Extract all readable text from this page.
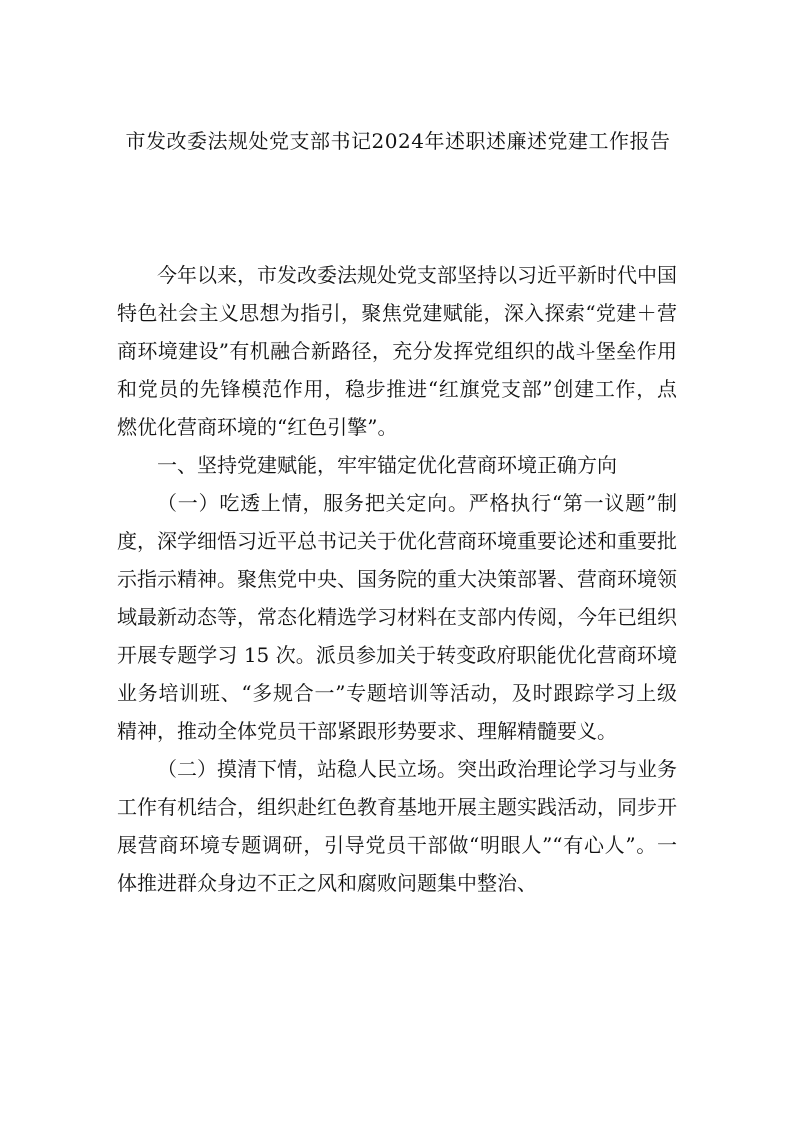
市发改委法规处党支部书记2024年述职述廉述党建工作报告

今年以来，市发改委法规处党支部坚持以习近平新时代中国特色社会主义思想为指引，聚焦党建赋能，深入探索“党建＋营商环境建设”有机融合新路径，充分发挥党组织的战斗堡垒作用和党员的先锋模范作用，稳步推进“红旗党支部”创建工作，点燃优化营商环境的“红色引擎”。

一、坚持党建赋能，牢牢锚定优化营商环境正确方向

（一）吃透上情，服务把关定向。严格执行“第一议题”制度，深学细悟习近平总书记关于优化营商环境重要论述和重要批示指示精神。聚焦党中央、国务院的重大决策部署、营商环境领域最新动态等，常态化精选学习材料在支部内传阅，今年已组织开展专题学习 15 次。派员参加关于转变政府职能优化营商环境业务培训班、“多规合一”专题培训等活动，及时跟踪学习上级精神，推动全体党员干部紧跟形势要求、理解精髓要义。

（二）摸清下情，站稳人民立场。突出政治理论学习与业务工作有机结合，组织赴红色教育基地开展主题实践活动，同步开展营商环境专题调研，引导党员干部做“明眼人”“有心人”。一体推进群众身边不正之风和腐败问题集中整治、
